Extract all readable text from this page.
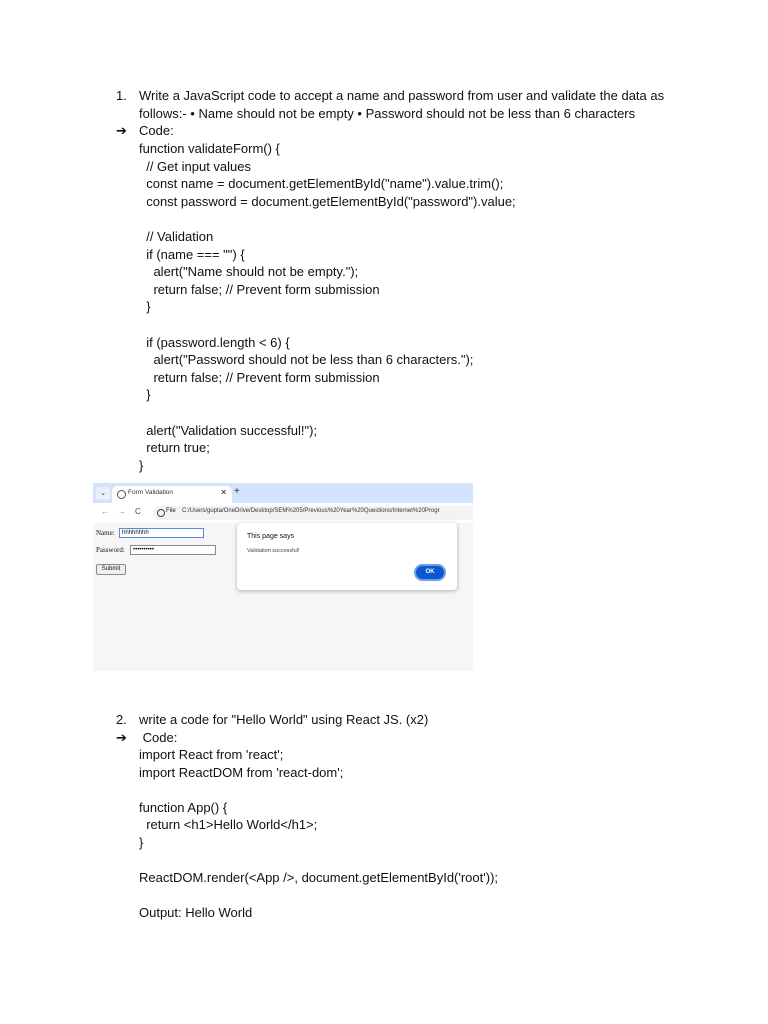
1. Write a JavaScript code to accept a name and password from user and validate the data as
follows:- • Name should not be empty • Password should not be less than 6 characters
➔ Code:
function validateForm() {
// Get input values
const name = document.getElementById("name").value.trim();
const password = document.getElementById("password").value;
// Validation
if (name === "") {
alert("Name should not be empty.");
return false; // Prevent form submission
}
if (password.length < 6) {
alert("Password should not be less than 6 characters.");
return false; // Prevent form submission
}
alert("Validation successful!");
return true;
}
⌄	Form Validation	✕ +
← → C	File C:/Users/gupta/OneDrive/Desktop/SEM%205/Previous%20Year%20Questions/Internet%20Progr
Name:	hhhhhhhh
Password:	••••••••••
Submit
This page says
Validation successful!
OK
2. write a code for "Hello World" using React JS. (x2)
➔ Code:
import React from 'react';
import ReactDOM from 'react-dom';
function App() {
return <h1>Hello World</h1>;
}
ReactDOM.render(<App />, document.getElementById('root'));
Output: Hello World
